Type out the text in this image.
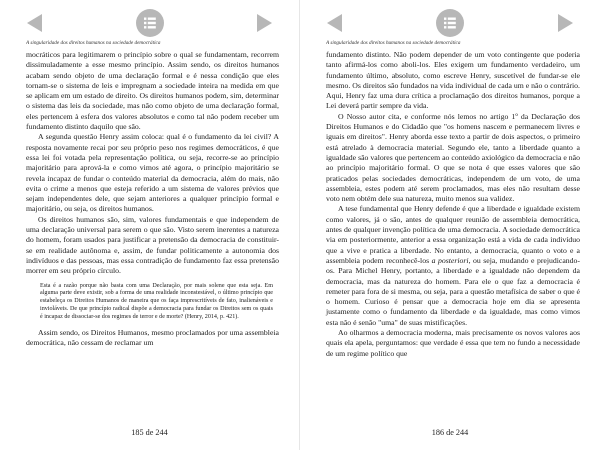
A singularidade dos direitos humanos na sociedade democrática

mocráticos para legitimarem o princípio sobre o qual se fundamentam, recorrem dissimuladamente a esse mesmo princípio. Assim sendo, os direitos humanos acabam sendo objeto de uma declaração formal e é nessa condição que eles tornam-se o sistema de leis e impregnam a sociedade inteira na medida em que se aplicam em um estado de direito. Os direitos humanos podem, sim, determinar o sistema das leis da sociedade, mas não como objeto de uma declaração formal, eles pertencem à esfera dos valores absolutos e como tal não podem receber um fundamento distinto daquilo que são.

A segunda questão Henry assim coloca: qual é o fundamento da lei civil? A resposta novamente recai por seu próprio peso nos regimes democráticos, é que essa lei foi votada pela representação política, ou seja, recorre-se ao princípio majoritário para aprová-la e como vimos até agora, o princípio majoritário se revela incapaz de fundar o conteúdo material da democracia, além do mais, não evita o crime a menos que esteja referido a um sistema de valores prévios que sejam independentes dele, que sejam anteriores a qualquer princípio formal e majoritário, ou seja, os direitos humanos.

Os direitos humanos são, sim, valores fundamentais e que independem de uma declaração universal para serem o que são. Visto serem inerentes a natureza do homem, foram usados para justificar a pretensão da democracia de constituir-se em realidade autônoma e, assim, de fundar politicamente a autonomia dos indivíduos e das pessoas, mas essa contradição de fundamento faz essa pretensão morrer em seu próprio círculo.

Esta é a razão porque não basta com uma Declaração, por mais solene que esta seja. Em alguma parte deve existir, sob a forma de uma realidade inconstestável, o último princípio que estabeleça os Direitos Humanos de maneira que os faça imprescritíveis de fato, inalienáveis e invioláveis. De que princípio radical dispõe a democracia para fundar os Direitos sem os quais é incapaz de dissociar-se dos regimes de terror e de morte? (Henry, 2014, p. 421).

Assim sendo, os Direitos Humanos, mesmo proclamados por uma assembleia democrática, não cessam de reclamar um

185 de 244
A singularidade dos direitos humanos na sociedade democrática

fundamento distinto. Não podem depender de um voto contingente que poderia tanto afirmá-los como aboli-los. Eles exigem um fundamento verdadeiro, um fundamento último, absoluto, como escreve Henry, suscetível de fundar-se ele mesmo. Os direitos são fundados na vida individual de cada um e não o contrário. Aqui, Henry faz uma dura crítica a proclamação dos direitos humanos, porque a Lei deverá partir sempre da vida.

O Nosso autor cita, e conforme nós lemos no artigo 1º da Declaração dos Direitos Humanos e do Cidadão que "os homens nascem e permanecem livres e iguais em direitos". Henry aborda esse texto a partir de dois aspectos, o primeiro está atrelado à democracia material. Segundo ele, tanto a liberdade quanto a igualdade são valores que pertencem ao conteúdo axiológico da democracia e não ao princípio majoritário formal. O que se nota é que esses valores que são praticados pelas sociedades democráticas, independem de um voto, de uma assembleia, estes podem até serem proclamados, mas eles não resultam desse voto nem obtém dele sua natureza, muito menos sua validez.

A tese fundamental que Henry defende é que a liberdade e igualdade existem como valores, já o são, antes de qualquer reunião de assembleia democrática, antes de qualquer invenção política de uma democracia. A sociedade democrática via em posteriormente, anterior a essa organização está a vida de cada indivíduo que a vive e pratica a liberdade. No entanto, a democracia, quanto o voto e a assembleia podem reconhecê-los a posteriori, ou seja, mudando e prejudicando-os. Para Michel Henry, portanto, a liberdade e a igualdade não dependem da democracia, mas da natureza do homem. Para ele o que faz a democracia é remeter para fora de si mesma, ou seja, para a questão metafísica de saber o que é o homem. Curioso é pensar que a democracia hoje em dia se apresenta justamente como o fundamento da liberdade e da igualdade, mas como vimos esta não é senão "uma" de suas mistificações.

Ao olharmos a democracia moderna, mais precisamente os novos valores aos quais ela apela, perguntamos: que verdade é essa que tem no fundo a necessidade de um regime político que

186 de 244
